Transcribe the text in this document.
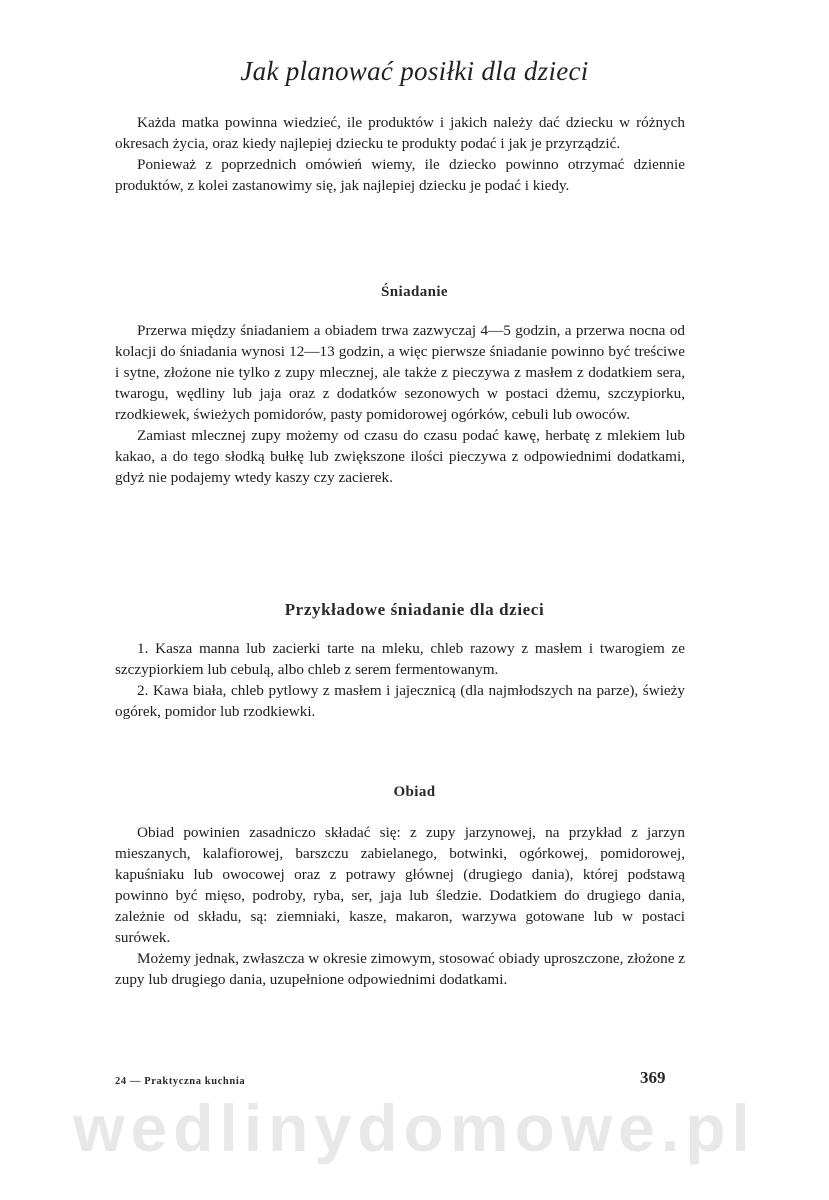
Jak planować posiłki dla dzieci

Każda matka powinna wiedzieć, ile produktów i jakich należy dać dziecku w różnych okresach życia, oraz kiedy najlepiej dziecku te produkty podać i jak je przyrządzić.

Ponieważ z poprzednich omówień wiemy, ile dziecko powinno otrzymać dziennie produktów, z kolei zastanowimy się, jak najlepiej dziecku je podać i kiedy.

Śniadanie

Przerwa między śniadaniem a obiadem trwa zazwyczaj 4—5 godzin, a przerwa nocna od kolacji do śniadania wynosi 12—13 godzin, a więc pierwsze śniadanie powinno być treściwe i sytne, złożone nie tylko z zupy mlecznej, ale także z pieczywa z masłem z dodatkiem sera, twarogu, wędliny lub jaja oraz z dodatków sezonowych w postaci dżemu, szczypiorku, rzodkiewek, świeżych pomidorów, pasty pomidorowej ogórków, cebuli lub owoców.

Zamiast mlecznej zupy możemy od czasu do czasu podać kawę, herbatę z mlekiem lub kakao, a do tego słodką bułkę lub zwiększone ilości pieczywa z odpowiednimi dodatkami, gdyż nie podajemy wtedy kaszy czy zacierek.

Przykładowe śniadanie dla dzieci

1. Kasza manna lub zacierki tarte na mleku, chleb razowy z masłem i twarogiem ze szczypiorkiem lub cebulą, albo chleb z serem fermentowanym.

2. Kawa biała, chleb pytlowy z masłem i jajecznicą (dla najmłodszych na parze), świeży ogórek, pomidor lub rzodkiewki.

Obiad

Obiad powinien zasadniczo składać się: z zupy jarzynowej, na przykład z jarzyn mieszanych, kalafiorowej, barszczu zabielanego, botwinki, ogórkowej, pomidorowej, kapuśniaku lub owocowej oraz z potrawy głównej (drugiego dania), której podstawą powinno być mięso, podroby, ryba, ser, jaja lub śledzie. Dodatkiem do drugiego dania, zależnie od składu, są: ziemniaki, kasze, makaron, warzywa gotowane lub w postaci surówek.

Możemy jednak, zwłaszcza w okresie zimowym, stosować obiady uproszczone, złożone z zupy lub drugiego dania, uzupełnione odpowiednimi dodatkami.

24 — Praktyczna kuchnia	369
wedlinydomowe.pl
